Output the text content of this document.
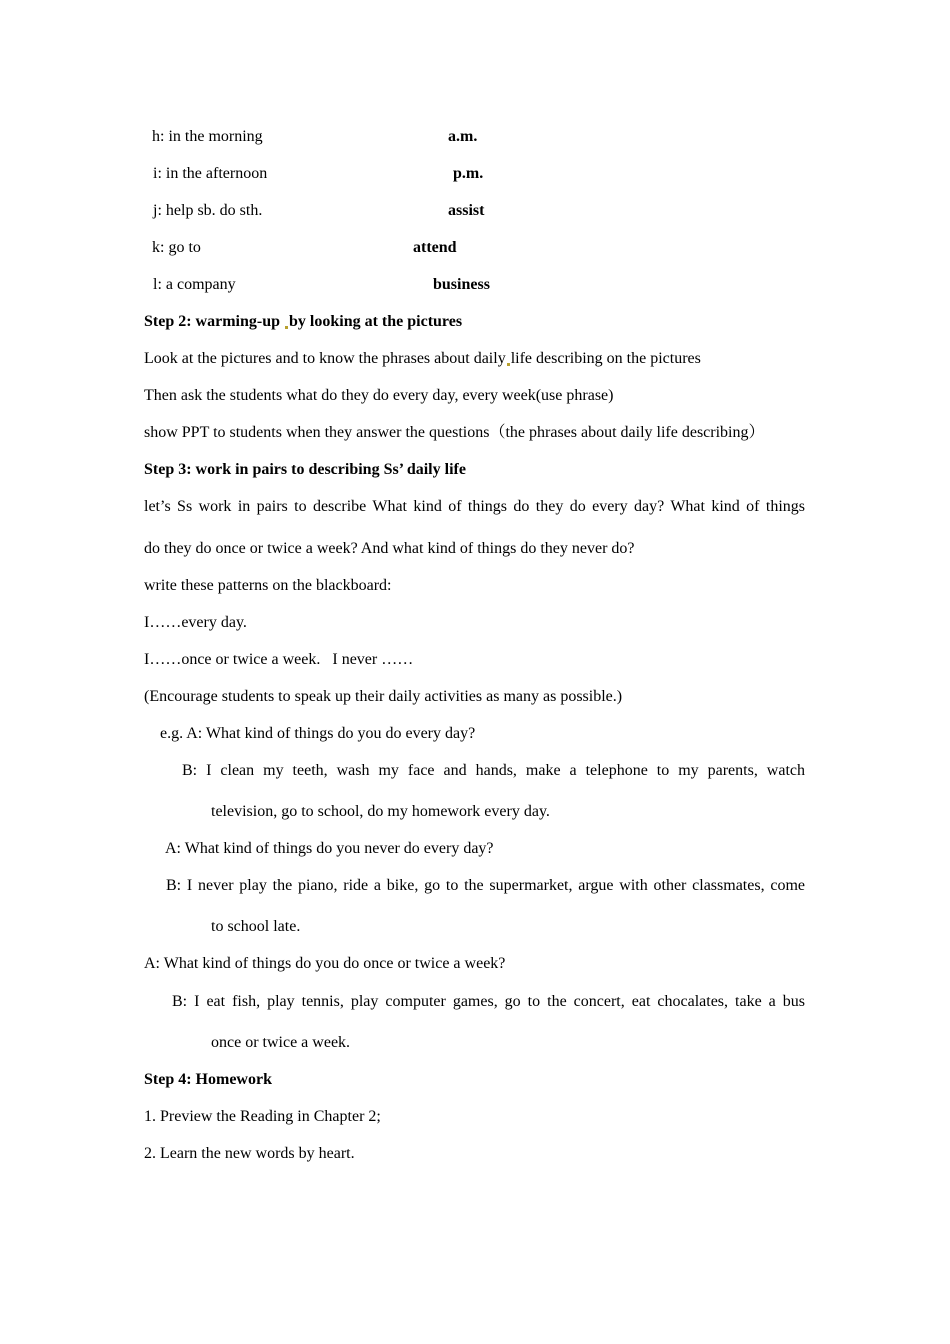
h: in the morning	a.m.
i: in the afternoon	p.m.
j: help sb. do sth.	assist
k: go to	attend
l: a company	business
Step 2: warming-up by looking at the pictures
Look at the pictures and to know the phrases about daily life describing on the pictures
Then ask the students what do they do every day, every week(use phrase)
show PPT to students when they answer the questions（the phrases about daily life describing）
Step 3: work in pairs to describing Ss’ daily life
let’s Ss work in pairs to describe What kind of things do they do every day? What kind of things
do they do once or twice a week? And what kind of things do they never do?
write these patterns on the blackboard:
I……every day.
I……once or twice a week.   I never ……
(Encourage students to speak up their daily activities as many as possible.)
e.g. A: What kind of things do you do every day?
B: I clean my teeth, wash my face and hands, make a telephone to my parents, watch
television, go to school, do my homework every day.
A: What kind of things do you never do every day?
B: I never play the piano, ride a bike, go to the supermarket, argue with other classmates, come
to school late.
A: What kind of things do you do once or twice a week?
B: I eat fish, play tennis, play computer games, go to the concert, eat chocalates, take a bus
once or twice a week.
Step 4: Homework
1. Preview the Reading in Chapter 2;
2. Learn the new words by heart.
